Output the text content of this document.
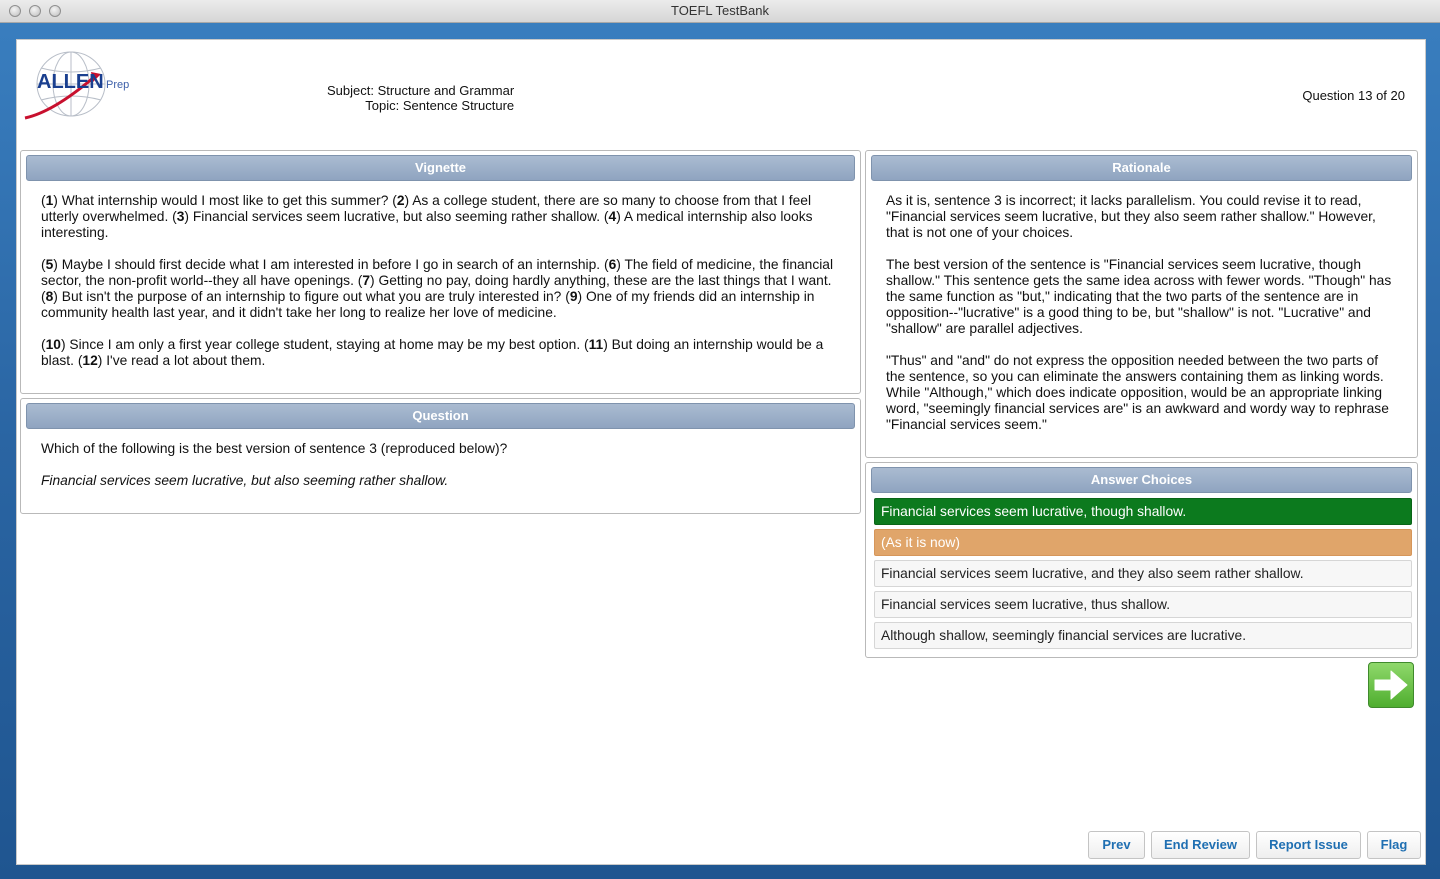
TOEFL TestBank
ALLEN Prep	Subject: Structure and Grammar
Topic: Sentence Structure
Question 13 of 20
Vignette

(1) What internship would I most like to get this summer? (2) As a college student, there are so many to choose from that I feel utterly overwhelmed. (3) Financial services seem lucrative, but also seeming rather shallow. (4) A medical internship also looks interesting.

(5) Maybe I should first decide what I am interested in before I go in search of an internship. (6) The field of medicine, the financial sector, the non-profit world--they all have openings. (7) Getting no pay, doing hardly anything, these are the last things that I want. (8) But isn't the purpose of an internship to figure out what you are truly interested in? (9) One of my friends did an internship in community health last year, and it didn't take her long to realize her love of medicine.

(10) Since I am only a first year college student, staying at home may be my best option. (11) But doing an internship would be a blast. (12) I've read a lot about them.

Question

Which of the following is the best version of sentence 3 (reproduced below)?

Financial services seem lucrative, but also seeming rather shallow.

Rationale

As it is, sentence 3 is incorrect; it lacks parallelism. You could revise it to read, "Financial services seem lucrative, but they also seem rather shallow." However, that is not one of your choices.

The best version of the sentence is "Financial services seem lucrative, though shallow." This sentence gets the same idea across with fewer words. "Though" has the same function as "but," indicating that the two parts of the sentence are in opposition--"lucrative" is a good thing to be, but "shallow" is not. "Lucrative" and "shallow" are parallel adjectives.

"Thus" and "and" do not express the opposition needed between the two parts of the sentence, so you can eliminate the answers containing them as linking words. While "Although," which does indicate opposition, would be an appropriate linking word, "seemingly financial services are" is an awkward and wordy way to rephrase "Financial services seem."

Answer Choices
Financial services seem lucrative, though shallow.
(As it is now)
Financial services seem lucrative, and they also seem rather shallow.
Financial services seem lucrative, thus shallow.
Although shallow, seemingly financial services are lucrative.
Prev	End Review	Report Issue	Flag
